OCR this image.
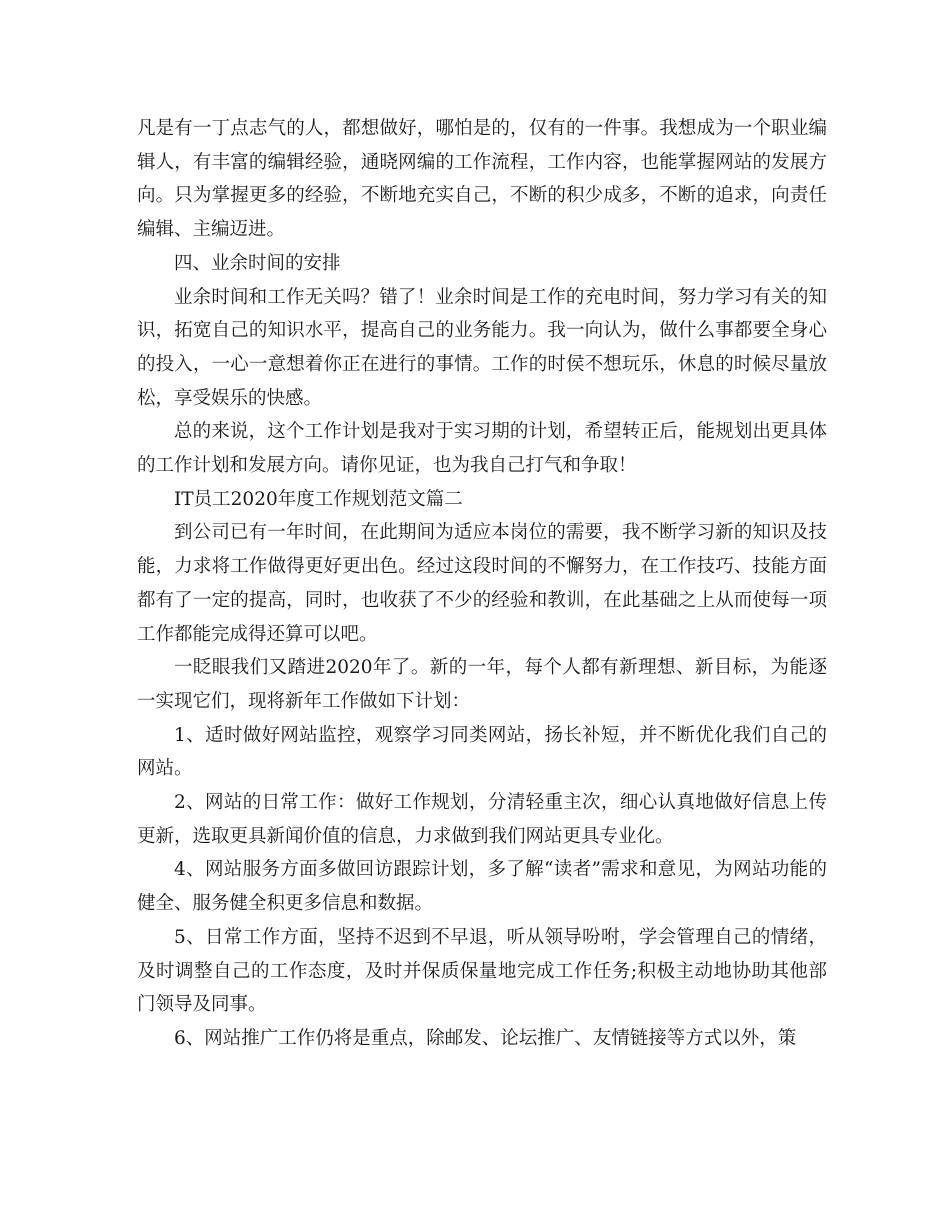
凡是有一丁点志气的人，都想做好，哪怕是的，仅有的一件事。我想成为一个职业编辑人，有丰富的编辑经验，通晓网编的工作流程，工作内容，也能掌握网站的发展方向。只为掌握更多的经验，不断地充实自己，不断的积少成多，不断的追求，向责任编辑、主编迈进。

四、业余时间的安排

业余时间和工作无关吗？错了！业余时间是工作的充电时间，努力学习有关的知识，拓宽自己的知识水平，提高自己的业务能力。我一向认为，做什么事都要全身心的投入，一心一意想着你正在进行的事情。工作的时侯不想玩乐，休息的时候尽量放松，享受娱乐的快感。

总的来说，这个工作计划是我对于实习期的计划，希望转正后，能规划出更具体的工作计划和发展方向。请你见证，也为我自己打气和争取！

IT员工2020年度工作规划范文篇二

到公司已有一年时间，在此期间为适应本岗位的需要，我不断学习新的知识及技能，力求将工作做得更好更出色。经过这段时间的不懈努力，在工作技巧、技能方面都有了一定的提高，同时，也收获了不少的经验和教训，在此基础之上从而使每一项工作都能完成得还算可以吧。

一眨眼我们又踏进2020年了。新的一年，每个人都有新理想、新目标，为能逐一实现它们，现将新年工作做如下计划：

1、适时做好网站监控，观察学习同类网站，扬长补短，并不断优化我们自己的网站。

2、网站的日常工作：做好工作规划，分清轻重主次，细心认真地做好信息上传更新，选取更具新闻价值的信息，力求做到我们网站更具专业化。

4、网站服务方面多做回访跟踪计划，多了解“读者”需求和意见，为网站功能的健全、服务健全积更多信息和数据。

5、日常工作方面，坚持不迟到不早退，听从领导吩咐，学会管理自己的情绪，及时调整自己的工作态度，及时并保质保量地完成工作任务;积极主动地协助其他部门领导及同事。

6、网站推广工作仍将是重点，除邮发、论坛推广、友情链接等方式以外，策
